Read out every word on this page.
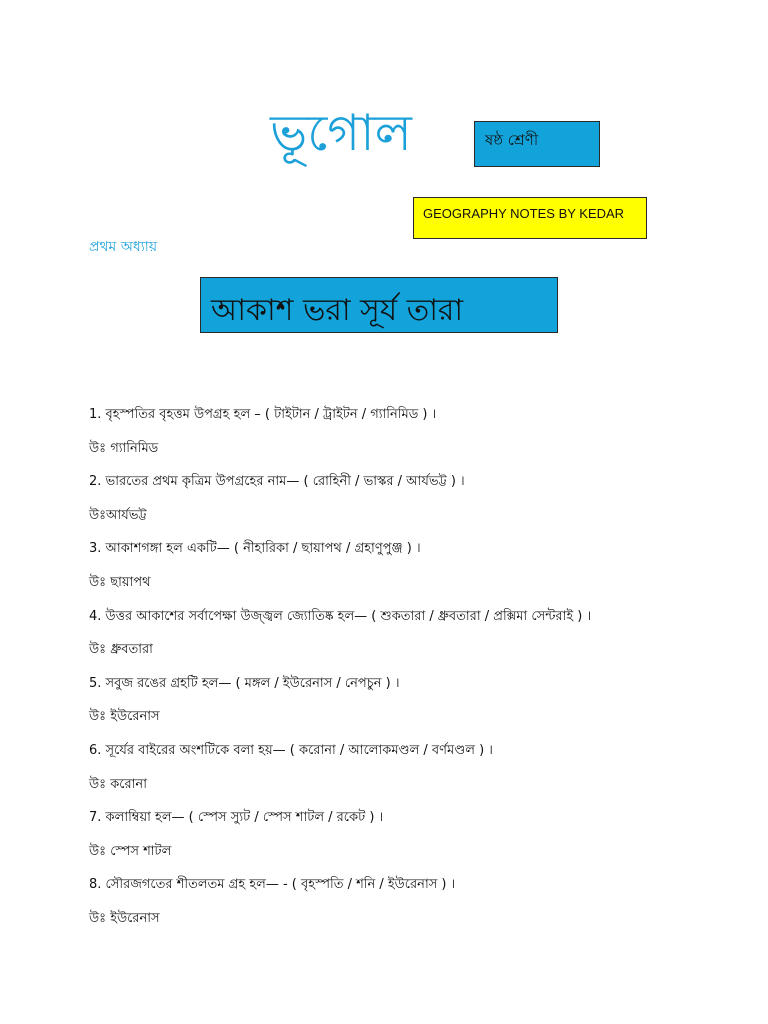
ভূগোল	ষষ্ঠ শ্রেণী
GEOGRAPHY NOTES BY KEDAR
প্রথম অধ্যায়
আকাশ ভরা সূর্য তারা
1. বৃহস্পতির বৃহত্তম উপগ্রহ হল – ( টাইটান / ট্রাইটন / গ্যানিমিড ) ।
উঃ গ্যানিমিড
2. ভারতের প্রথম কৃত্রিম উপগ্রহের নাম— ( রোহিনী / ভাস্কর / আর্যভট্ট ) ।
উঃআর্যভট্ট
3. আকাশগঙ্গা হল একটি— ( নীহারিকা / ছায়াপথ / গ্রহাণুপুঞ্জ ) ।
উঃ ছায়াপথ
4. উত্তর আকাশের সর্বাপেক্ষা উজ্জ্বল জ্যোতিষ্ক হল— ( শুকতারা / ধ্রুবতারা / প্রক্সিমা সেন্টরাই ) ।
উঃ ধ্রুবতারা
5. সবুজ রঙের গ্রহটি হল— ( মঙ্গল / ইউরেনাস / নেপচুন ) ।
উঃ ইউরেনাস
6. সূর্যের বাইরের অংশটিকে বলা হয়— ( করোনা / আলোকমণ্ডল / বর্ণমণ্ডল ) ।
উঃ করোনা
7. কলাম্বিয়া হল— ( স্পেস স্যুট / স্পেস শাটল / রকেট ) ।
উঃ স্পেস শাটল
8. সৌরজগতের শীতলতম গ্রহ হল— - ( বৃহস্পতি / শনি / ইউরেনাস ) ।
উঃ ইউরেনাস
